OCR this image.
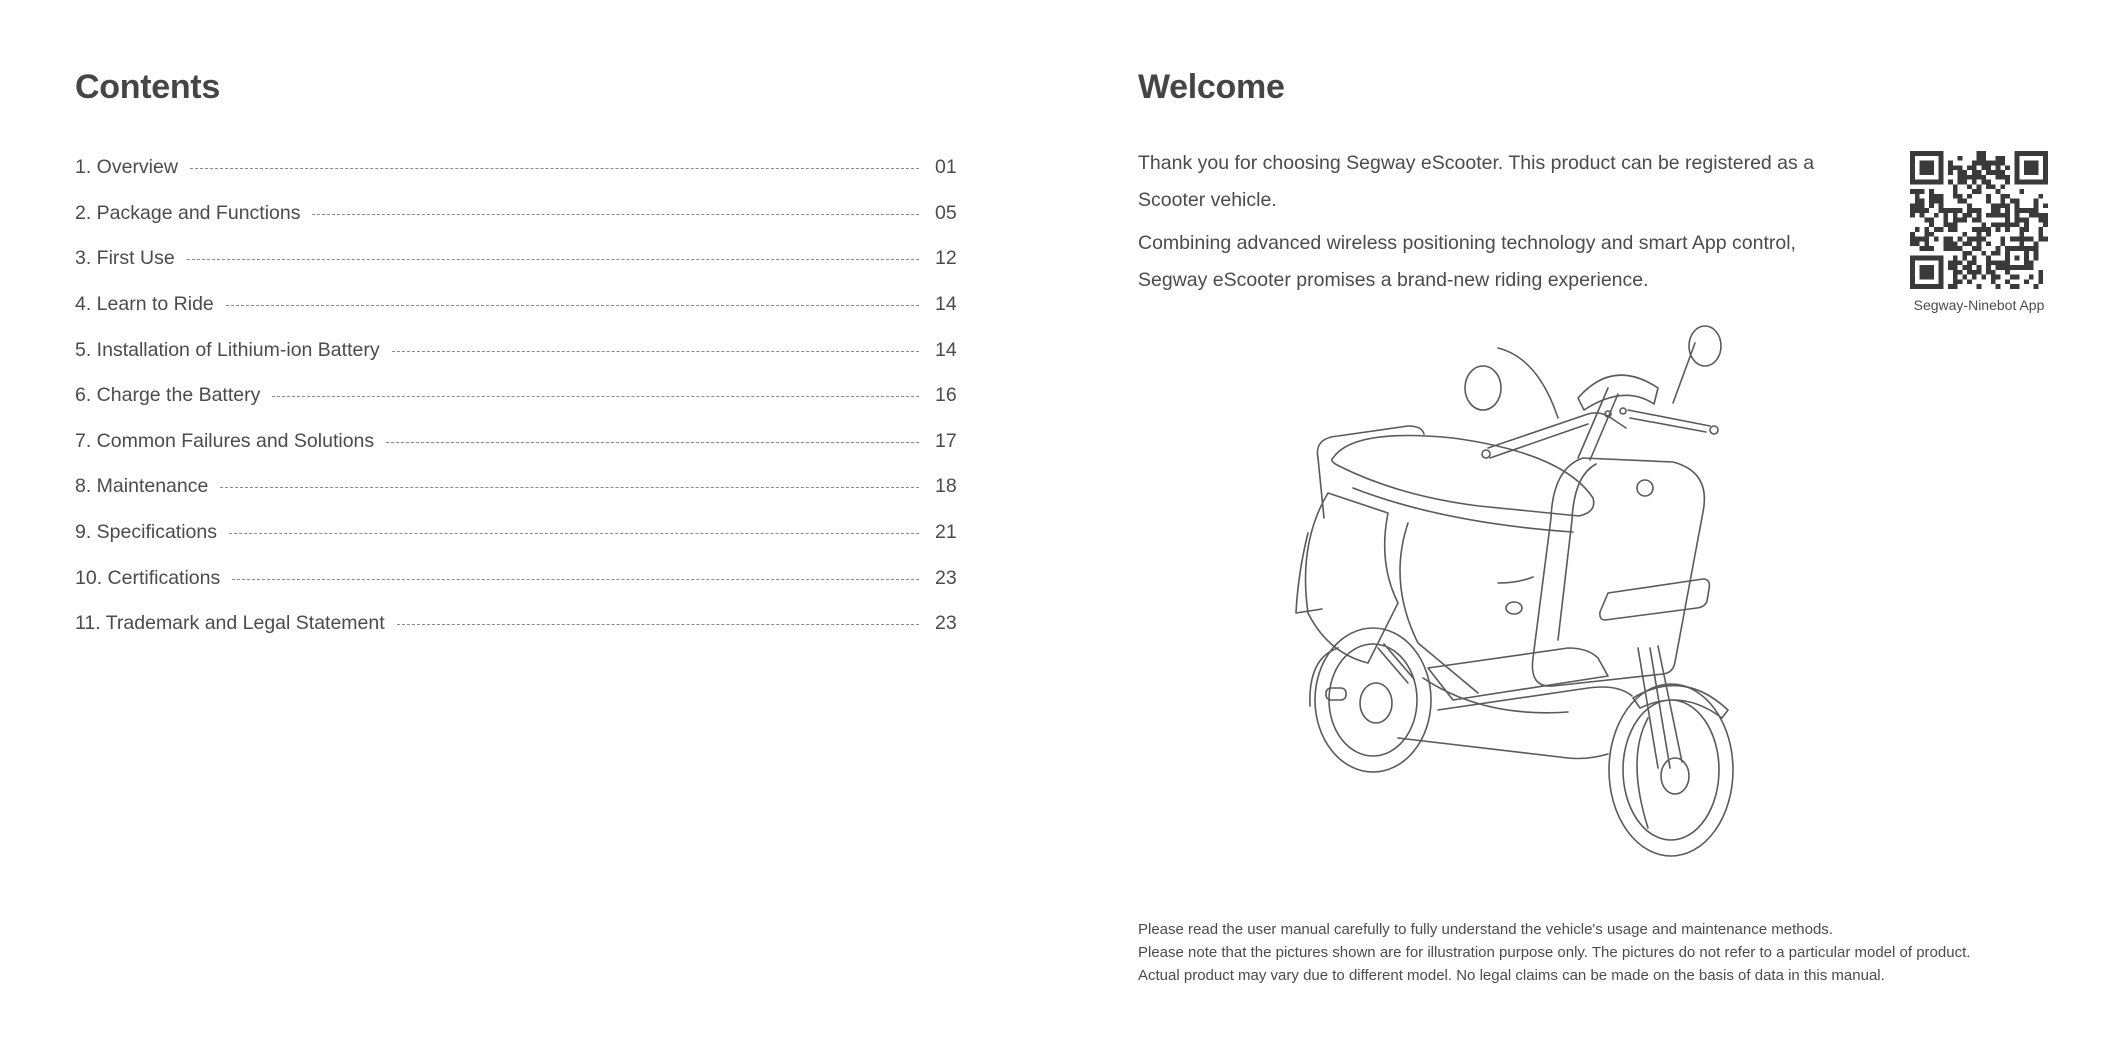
Contents
1. Overview	01
2. Package and Functions	05
3. First Use	12
4. Learn to Ride	14
5. Installation of Lithium-ion Battery	14
6. Charge the Battery	16
7. Common Failures and Solutions	17
8. Maintenance	18
9. Specifications	21
10. Certifications	23
11. Trademark and Legal Statement	23
Welcome

Thank you for choosing Segway eScooter. This product can be registered as a Scooter vehicle.

Combining advanced wireless positioning technology and smart App control, Segway eScooter promises a brand-new riding experience.

Segway-Ninebot App
Please read the user manual carefully to fully understand the vehicle's usage and maintenance methods.
Please note that the pictures shown are for illustration purpose only. The pictures do not refer to a particular model of product.
Actual product may vary due to different model. No legal claims can be made on the basis of data in this manual.
